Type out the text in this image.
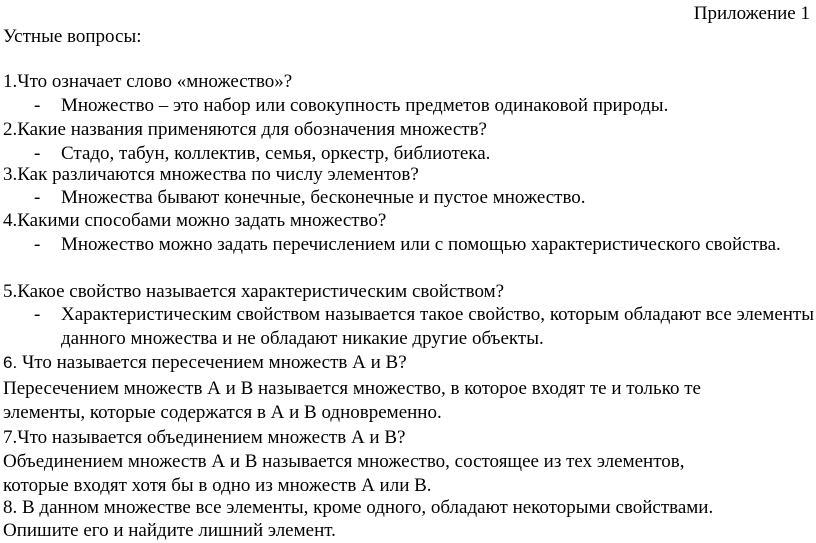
Приложение 1
Устные вопросы:
1.Что означает слово «множество»?
-	Множество – это набор или совокупность предметов одинаковой природы.
2.Какие названия применяются для обозначения множеств?
-	Стадо, табун, коллектив, семья, оркестр, библиотека.
3.Как различаются множества по числу элементов?
-	Множества бывают конечные, бесконечные и пустое множество.
4.Какими способами можно задать множество?
-	Множество можно задать перечислением или с помощью характеристического свойства.
5.Какое свойство называется характеристическим свойством?
-	Характеристическим свойством называется такое свойство, которым обладают все элементы данного множества и не обладают никакие другие объекты.
6. Что называется пересечением множеств А и В?
Пересечением множеств А и В называется множество, в которое входят те и только те
элементы, которые содержатся в А и В одновременно.
7.Что называется объединением множеств А и В?
Объединением множеств А и В называется множество, состоящее из тех элементов,
которые входят хотя бы в одно из множеств А или В.
8. В данном множестве все элементы, кроме одного, обладают некоторыми свойствами.
Опишите его и найдите лишний элемент.
